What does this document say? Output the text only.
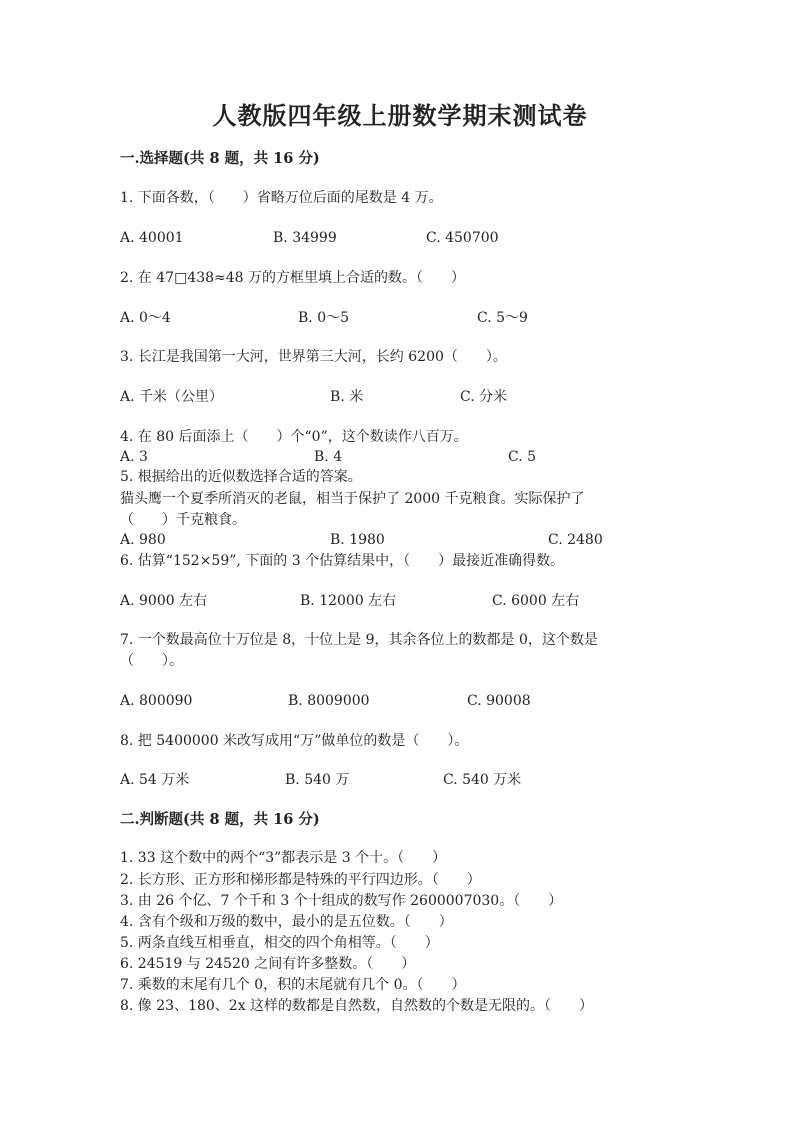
人教版四年级上册数学期末测试卷
一.选择题(共 8 题，共 16 分)
1. 下面各数，（　　）省略万位后面的尾数是 4 万。
A. 40001	B. 34999	C. 450700
2. 在 47□438≈48 万的方框里填上合适的数。（　　）
A. 0～4	B. 0～5	C. 5～9
3. 长江是我国第一大河，世界第三大河，长约 6200（　　）。
A. 千米（公里）	B. 米	C. 分米
4. 在 80 后面添上（　　）个“0”，这个数读作八百万。
A. 3	B. 4	C. 5
5. 根据给出的近似数选择合适的答案。
猫头鹰一个夏季所消灭的老鼠，相当于保护了 2000 千克粮食。实际保护了
（　　）千克粮食。
A. 980	B. 1980	C. 2480
6. 估算“152×59”, 下面的 3 个估算结果中，（　　）最接近准确得数。
A. 9000 左右	B. 12000 左右	C. 6000 左右
7. 一个数最高位十万位是 8，十位上是 9，其余各位上的数都是 0，这个数是
（　　）。
A. 800090	B. 8009000	C. 90008
8. 把 5400000 米改写成用“万”做单位的数是（　　）。
A. 54 万米	B. 540 万	C. 540 万米
二.判断题(共 8 题，共 16 分)
1. 33 这个数中的两个“3”都表示是 3 个十。（　　）
2. 长方形、正方形和梯形都是特殊的平行四边形。（　　）
3. 由 26 个亿、7 个千和 3 个十组成的数写作 2600007030。（　　）
4. 含有个级和万级的数中，最小的是五位数。（　　）
5. 两条直线互相垂直，相交的四个角相等。（　　）
6. 24519 与 24520 之间有许多整数。（　　）
7. 乘数的末尾有几个 0，积的末尾就有几个 0。（　　）
8. 像 23、180、2x 这样的数都是自然数，自然数的个数是无限的。（　　）
